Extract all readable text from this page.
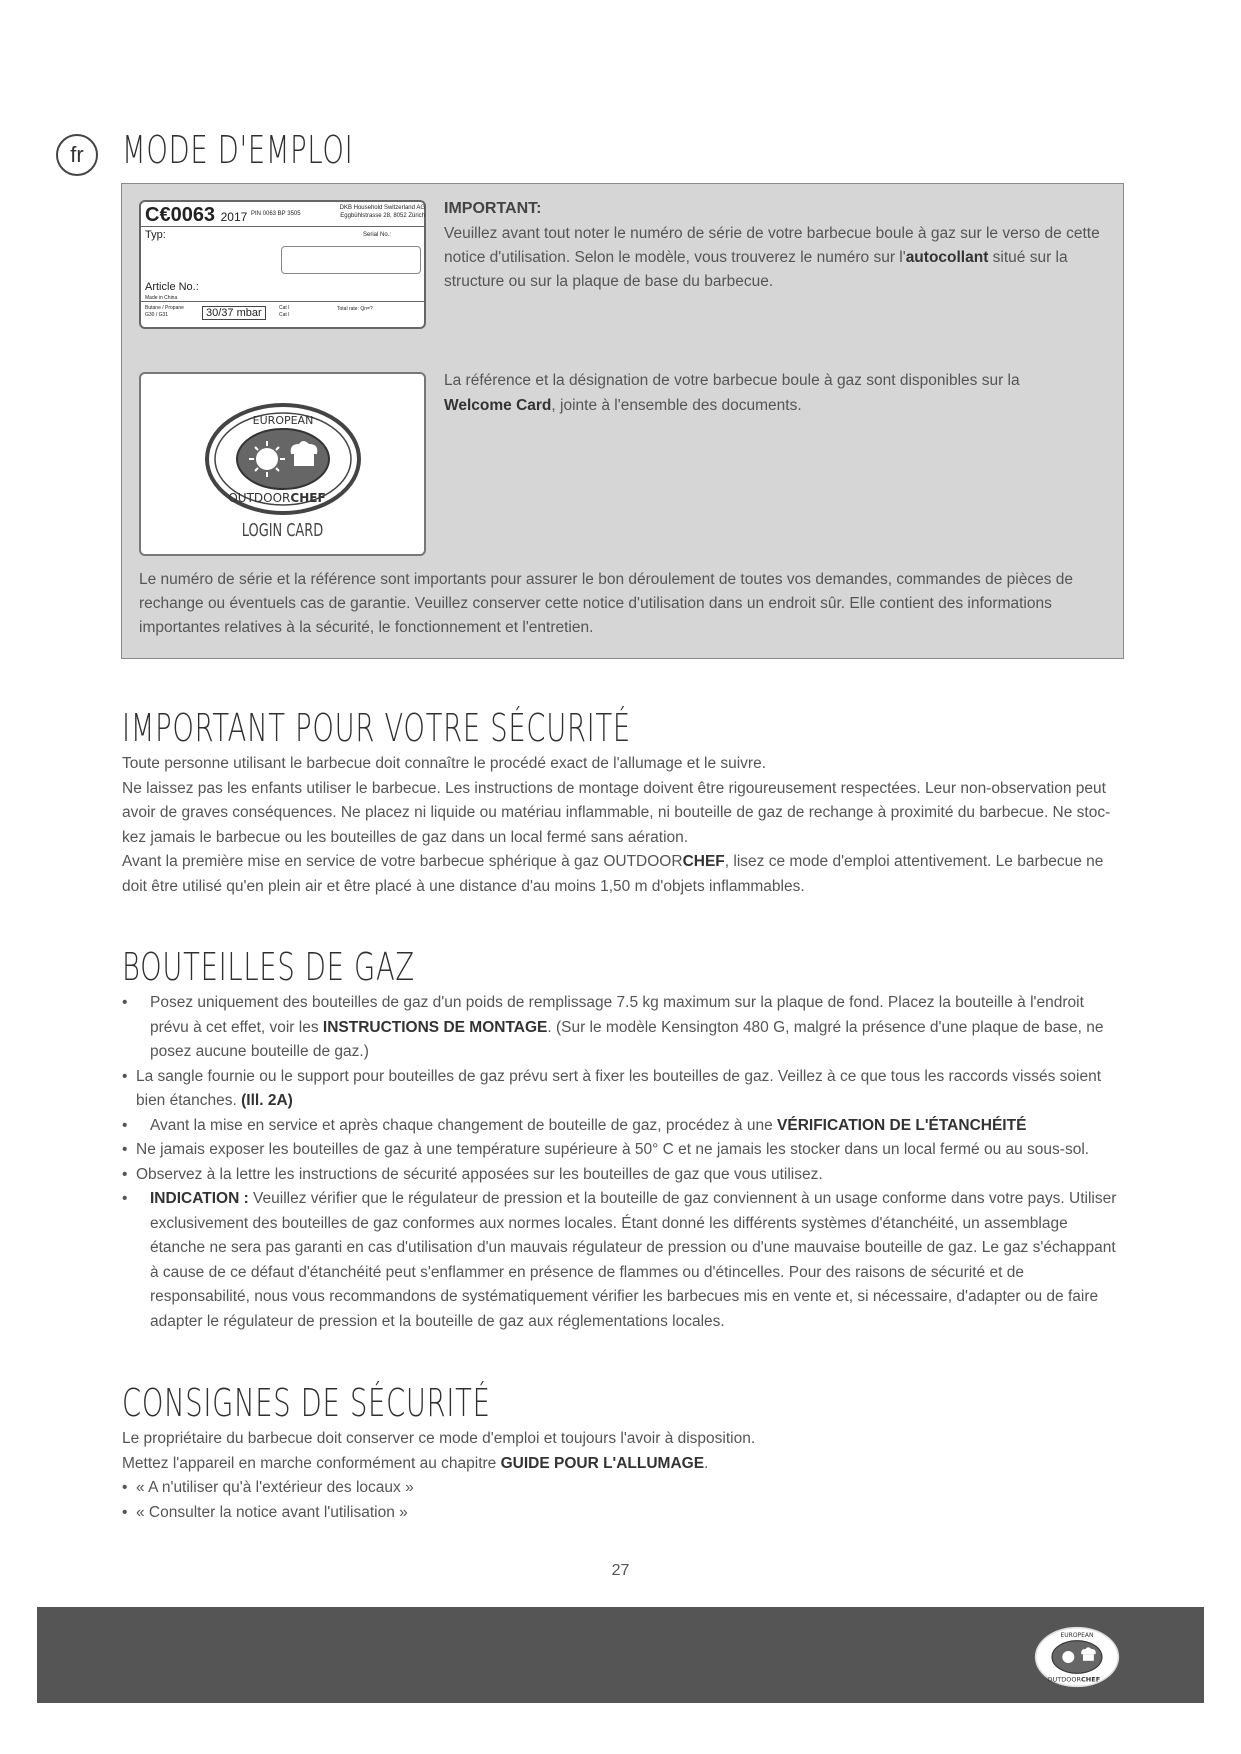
fr MODE D'EMPLOI
C€0063 2017 PIN 0063 BP 3505
DKB Household Switzerland AG
Eggbühlstrasse 28, 8052 Zürich
Typ:	Serial No.:
Article No.:
Made in China
Butane / Propane
G30 / G31	30/37 mbar	Cat I
Cat I
Total rate: Qn=?
IMPORTANT:
Veuillez avant tout noter le numéro de série de votre barbecue boule à gaz sur le verso de cette notice d'utilisation. Selon le modèle, vous trouverez le numéro sur l'autocollant situé sur la structure ou sur la plaque de base du barbecue.
EUROPEAN
OUTDOORCHEF
LOGIN CARD
La référence et la désignation de votre barbecue boule à gaz sont disponibles sur la Welcome Card, jointe à l'ensemble des documents.
Le numéro de série et la référence sont importants pour assurer le bon déroulement de toutes vos demandes, commandes de pièces de rechange ou éventuels cas de garantie. Veuillez conserver cette notice d'utilisation dans un endroit sûr. Elle contient des informations importantes relatives à la sécurité, le fonctionnement et l'entretien.
IMPORTANT POUR VOTRE SÉCURITÉ

Toute personne utilisant le barbecue doit connaître le procédé exact de l'allumage et le suivre.

Ne laissez pas les enfants utiliser le barbecue. Les instructions de montage doivent être rigoureusement respectées. Leur non-observation peut avoir de graves conséquences. Ne placez ni liquide ou matériau inflammable, ni bouteille de gaz de rechange à proximité du barbecue. Ne stoc-kez jamais le barbecue ou les bouteilles de gaz dans un local fermé sans aération.

Avant la première mise en service de votre barbecue sphérique à gaz OUTDOORCHEF, lisez ce mode d'emploi attentivement. Le barbecue ne doit être utilisé qu'en plein air et être placé à une distance d'au moins 1,50 m d'objets inflammables.

BOUTEILLES DE GAZ
• Posez uniquement des bouteilles de gaz d'un poids de remplissage 7.5 kg maximum sur la plaque de fond. Placez la bouteille à l'endroit prévu à cet effet, voir les INSTRUCTIONS DE MONTAGE. (Sur le modèle Kensington 480 G, malgré la présence d'une plaque de base, ne posez aucune bouteille de gaz.)
• La sangle fournie ou le support pour bouteilles de gaz prévu sert à fixer les bouteilles de gaz. Veillez à ce que tous les raccords vissés soient bien étanches. (Ill. 2A)
• Avant la mise en service et après chaque changement de bouteille de gaz, procédez à une VÉRIFICATION DE L'ÉTANCHÉITÉ
• Ne jamais exposer les bouteilles de gaz à une température supérieure à 50° C et ne jamais les stocker dans un local fermé ou au sous-sol.
• Observez à la lettre les instructions de sécurité apposées sur les bouteilles de gaz que vous utilisez.
• INDICATION : Veuillez vérifier que le régulateur de pression et la bouteille de gaz conviennent à un usage conforme dans votre pays. Utiliser exclusivement des bouteilles de gaz conformes aux normes locales. Étant donné les différents systèmes d'étanchéité, un assemblage étanche ne sera pas garanti en cas d'utilisation d'un mauvais régulateur de pression ou d'une mauvaise bouteille de gaz. Le gaz s'échappant à cause de ce défaut d'étanchéité peut s'enflammer en présence de flammes ou d'étincelles. Pour des raisons de sécurité et de responsabilité, nous vous recommandons de systématiquement vérifier les barbecues mis en vente et, si nécessaire, d'adapter ou de faire adapter le régulateur de pression et la bouteille de gaz aux réglementations locales.
CONSIGNES DE SÉCURITÉ

Le propriétaire du barbecue doit conserver ce mode d'emploi et toujours l'avoir à disposition.

Mettez l'appareil en marche conformément au chapitre GUIDE POUR L'ALLUMAGE.

• « A n'utiliser qu'à l'extérieur des locaux »
• « Consulter la notice avant l'utilisation »
27
EUROPEAN
OUTDOORCHEF
